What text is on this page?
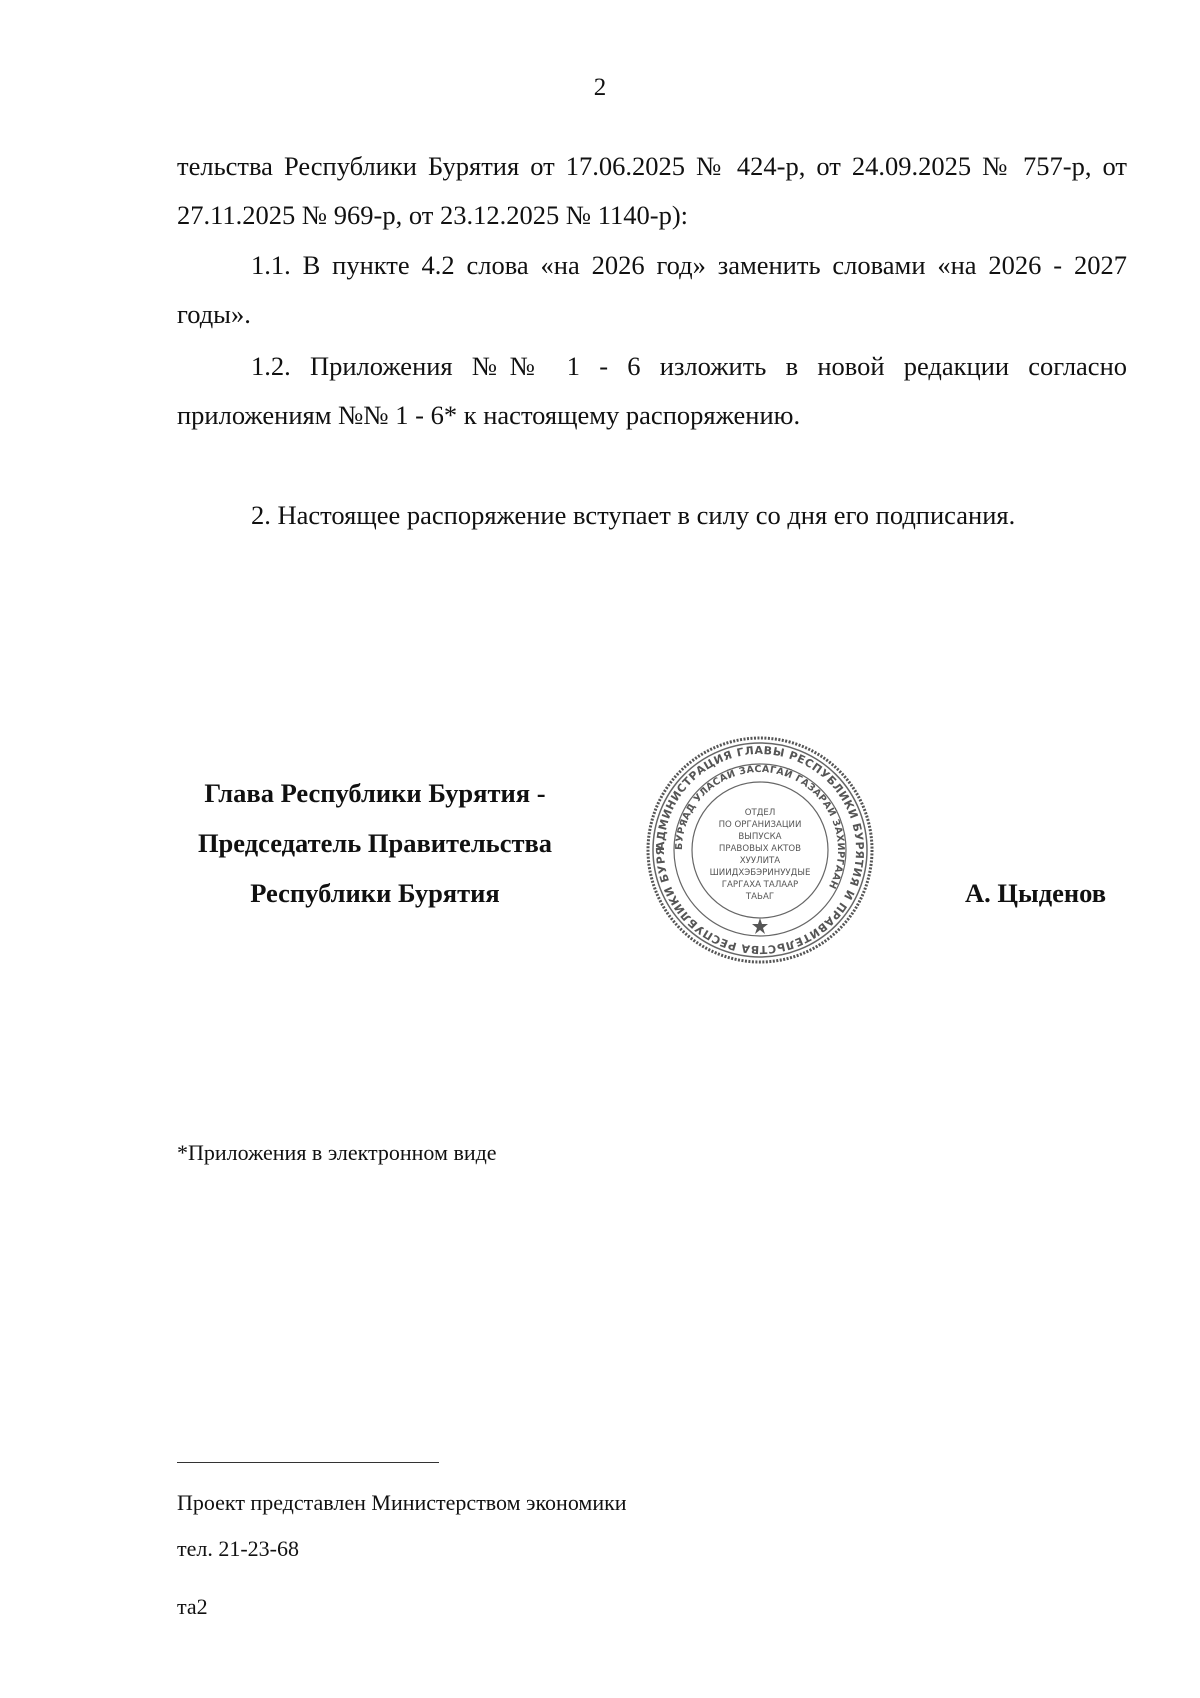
2

тельства Республики Бурятия от 17.06.2025 № 424-р, от 24.09.2025 № 757-р, от 27.11.2025 № 969-р, от 23.12.2025 № 1140-р):

1.1. В пункте 4.2 слова «на 2026 год» заменить словами «на 2026 - 2027 годы».

1.2. Приложения №№ 1 - 6 изложить в новой редакции согласно приложениям №№ 1 - 6* к настоящему распоряжению.

2. Настоящее распоряжение вступает в силу со дня его подписания.

Глава Республики Бурятия -
Председатель Правительства
Республики Бурятия
АДМИНИСТРАЦИЯ ГЛАВЫ РЕСПУБЛИКИ БУРЯТИЯ И ПРАВИТЕЛЬСТВА РЕСПУБЛИКИ БУРЯ
БУРЯАД УЛАСАЙ ЗАСАГАЙ ГАЗАРАЙ ЗАХИРГААН
ОТДЕЛ
ПО ОРГАНИЗАЦИИ
ВЫПУСКА
ПРАВОВЫХ АКТОВ
ХУУЛИТА
ШИИДХЭБЭРИНУУДЫЕ
ГАРГАХА ТАЛААР
ТАЬАГ	А. Цыденов
*Приложения в электронном виде
Проект представлен Министерством экономики
тел. 21-23-68
та2
